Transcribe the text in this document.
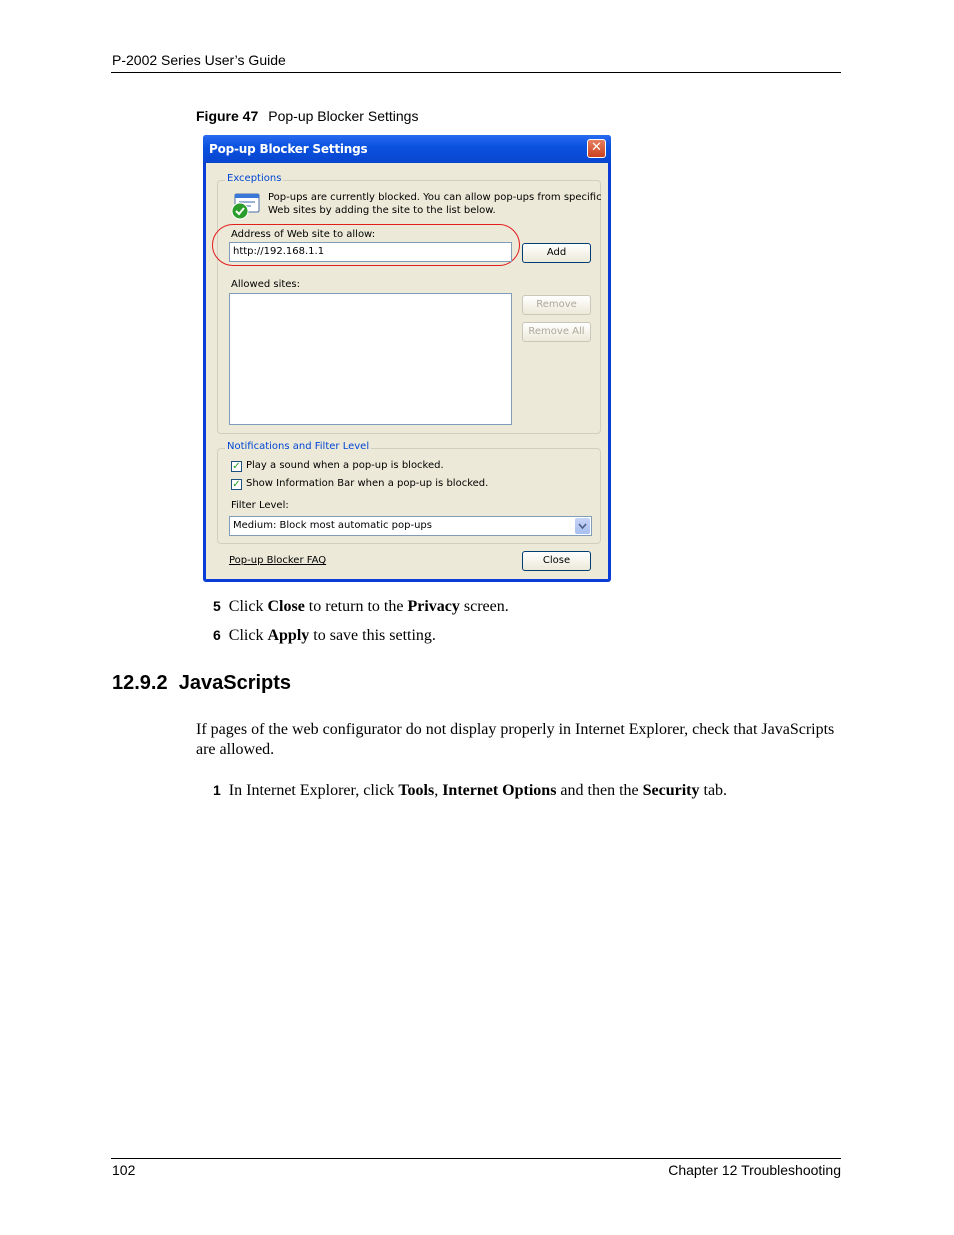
P-2002 Series User’s Guide
Figure 47 Pop-up Blocker Settings
Pop-up Blocker Settings	✕
Exceptions
Pop-ups are currently blocked. You can allow pop-ups from specific
Web sites by adding the site to the list below.
Address of Web site to allow:
http://192.168.1.1	Add
Allowed sites:
Remove
Remove All
Notifications and Filter Level
✓ Play a sound when a pop-up is blocked.
✓ Show Information Bar when a pop-up is blocked.
Filter Level:
Medium: Block most automatic pop-ups
Pop-up Blocker FAQ	Close
5 Click Close to return to the Privacy screen.
6 Click Apply to save this setting.
12.9.2 JavaScripts
If pages of the web configurator do not display properly in Internet Explorer, check that JavaScripts are allowed.
1 In Internet Explorer, click Tools, Internet Options and then the Security tab.
102	Chapter 12 Troubleshooting
